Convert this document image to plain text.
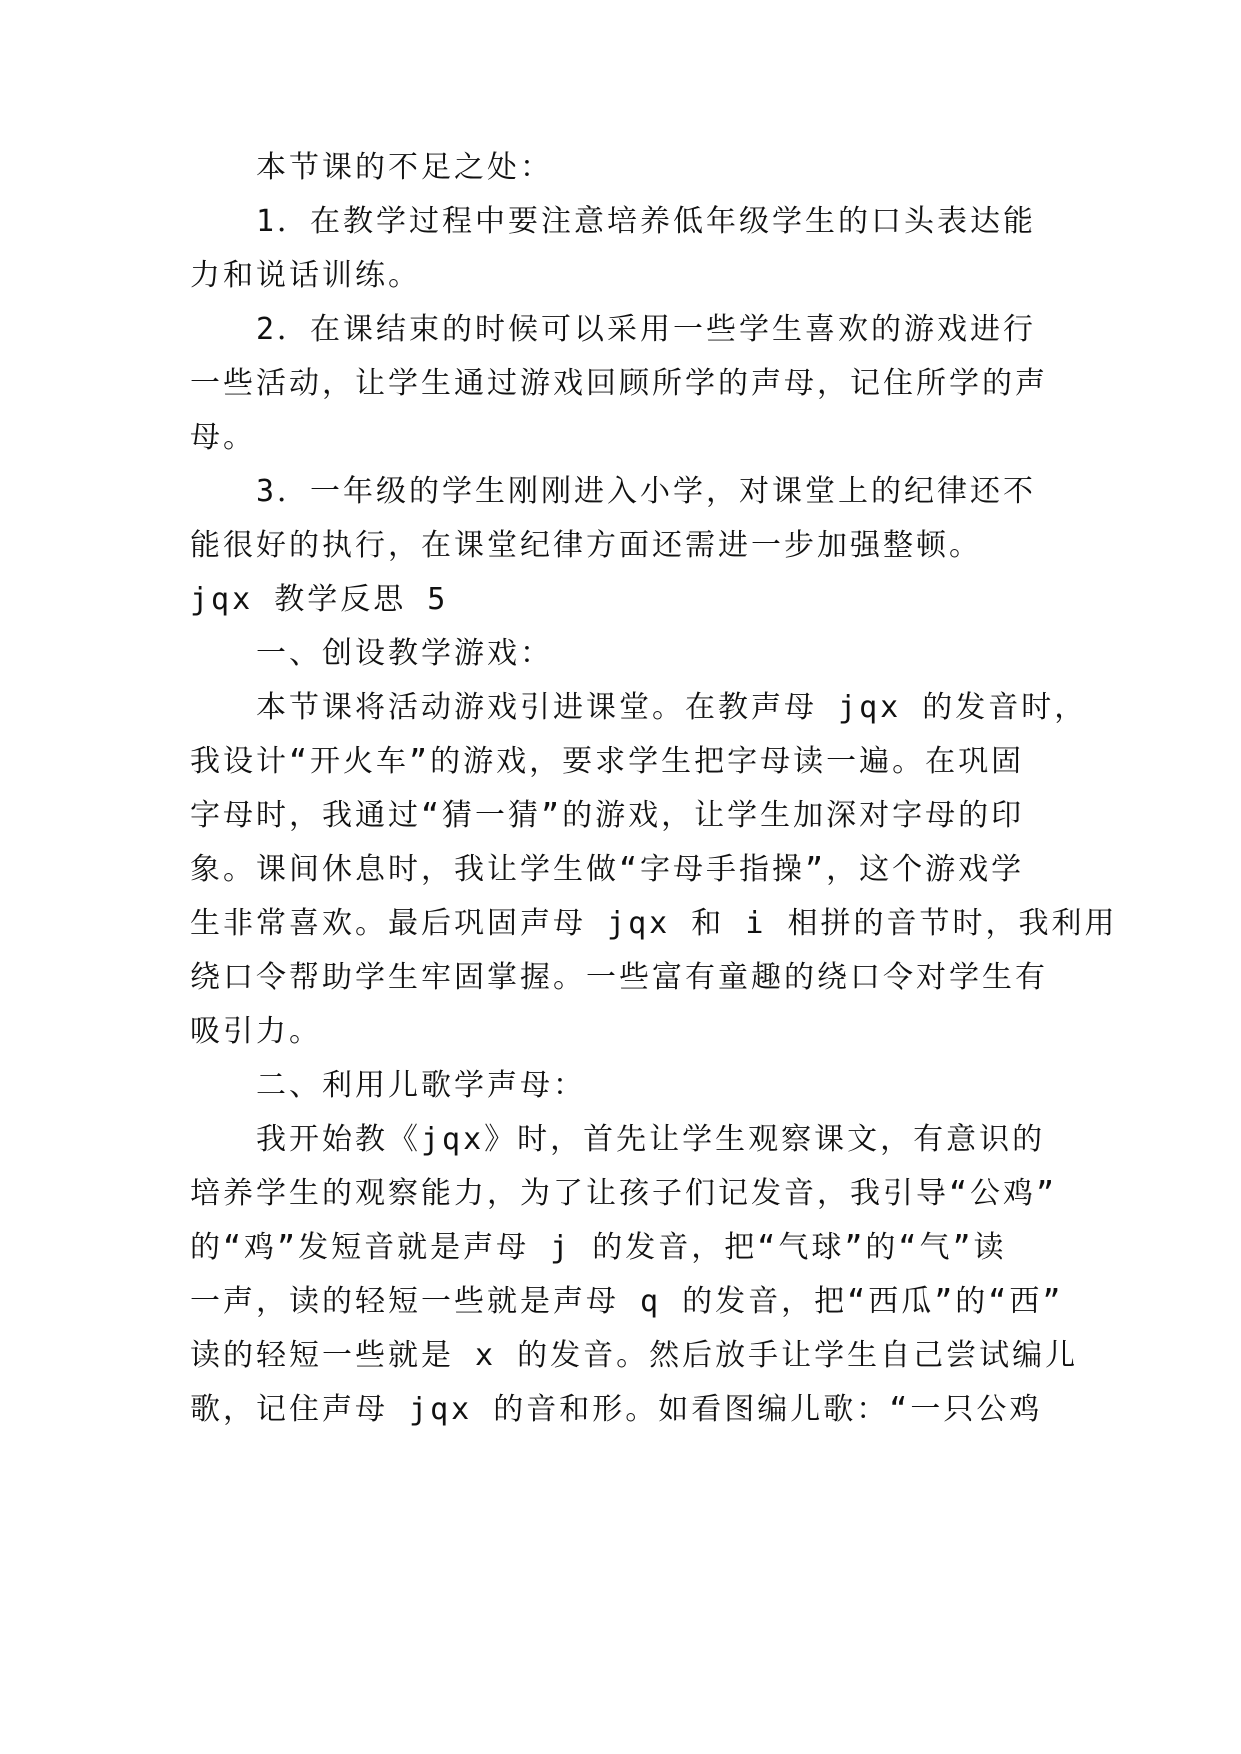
本节课的不足之处：
1．在教学过程中要注意培养低年级学生的口头表达能
力和说话训练。
2．在课结束的时候可以采用一些学生喜欢的游戏进行
一些活动，让学生通过游戏回顾所学的声母，记住所学的声
母。
3．一年级的学生刚刚进入小学，对课堂上的纪律还不
能很好的执行，在课堂纪律方面还需进一步加强整顿。
jqx 教学反思 5
一、创设教学游戏：
本节课将活动游戏引进课堂。在教声母 jqx 的发音时，
我设计“开火车”的游戏，要求学生把字母读一遍。在巩固
字母时，我通过“猜一猜”的游戏，让学生加深对字母的印
象。课间休息时，我让学生做“字母手指操”，这个游戏学
生非常喜欢。最后巩固声母 jqx 和 i 相拼的音节时，我利用
绕口令帮助学生牢固掌握。一些富有童趣的绕口令对学生有
吸引力。
二、利用儿歌学声母：
我开始教《jqx》时，首先让学生观察课文，有意识的
培养学生的观察能力，为了让孩子们记发音，我引导“公鸡”
的“鸡”发短音就是声母 j 的发音，把“气球”的“气”读
一声，读的轻短一些就是声母 q 的发音，把“西瓜”的“西”
读的轻短一些就是 x 的发音。然后放手让学生自己尝试编儿
歌，记住声母 jqx 的音和形。如看图编儿歌：“一只公鸡
